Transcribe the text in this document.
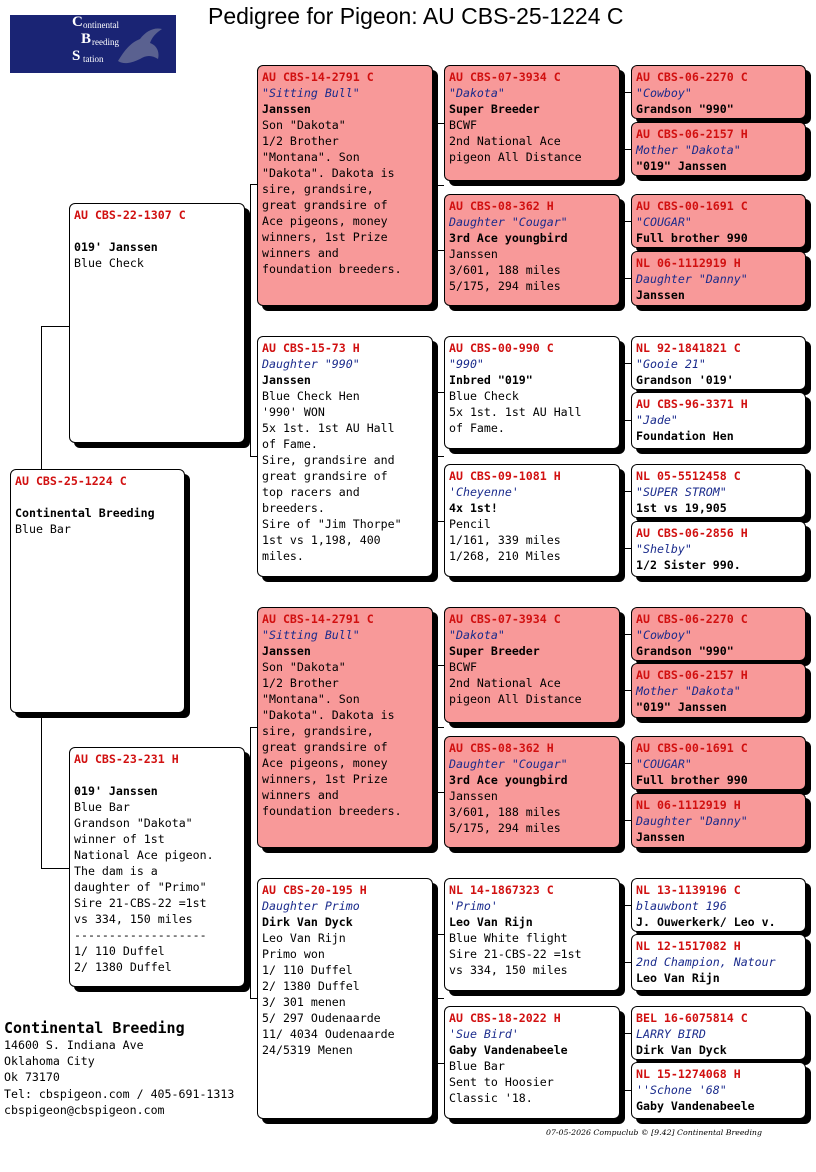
Pedigree for Pigeon: AU CBS-25-1224 C
C ontinental
B reeding
S tation
AU CBS-25-1224 C

Continental Breeding
Blue Bar
AU CBS-22-1307 C

019' Janssen
Blue Check
AU CBS-23-231 H

019' Janssen
Blue Bar
Grandson "Dakota"
winner of 1st
National Ace pigeon.
The dam is a
daughter of "Primo"
Sire 21-CBS-22 =1st
vs 334, 150 miles
-------------------
1/ 110 Duffel
2/ 1380 Duffel
AU CBS-14-2791 C
"Sitting Bull"
Janssen
Son "Dakota"
1/2 Brother
"Montana". Son
"Dakota". Dakota is
sire, grandsire,
great grandsire of
Ace pigeons, money
winners, 1st Prize
winners and
foundation breeders.
AU CBS-15-73 H
Daughter "990"
Janssen
Blue Check Hen
'990' WON
5x 1st. 1st AU Hall
of Fame.
Sire, grandsire and
great grandsire of
top racers and
breeders.
Sire of "Jim Thorpe"
1st vs 1,198, 400
miles.
AU CBS-14-2791 C
"Sitting Bull"
Janssen
Son "Dakota"
1/2 Brother
"Montana". Son
"Dakota". Dakota is
sire, grandsire,
great grandsire of
Ace pigeons, money
winners, 1st Prize
winners and
foundation breeders.
AU CBS-20-195 H
Daughter Primo
Dirk Van Dyck
Leo Van Rijn
Primo won
1/ 110 Duffel
2/ 1380 Duffel
3/ 301 menen
5/ 297 Oudenaarde
11/ 4034 Oudenaarde
24/5319 Menen
AU CBS-07-3934 C
"Dakota"
Super Breeder
BCWF
2nd National Ace
pigeon All Distance
AU CBS-08-362 H
Daughter "Cougar"
3rd Ace youngbird
Janssen
3/601, 188 miles
5/175, 294 miles
AU CBS-00-990 C
"990"
Inbred "019"
Blue Check
5x 1st. 1st AU Hall
of Fame.
AU CBS-09-1081 H
'Cheyenne'
4x 1st!
Pencil
1/161, 339 miles
1/268, 210 Miles
AU CBS-07-3934 C
"Dakota"
Super Breeder
BCWF
2nd National Ace
pigeon All Distance
AU CBS-08-362 H
Daughter "Cougar"
3rd Ace youngbird
Janssen
3/601, 188 miles
5/175, 294 miles
NL 14-1867323 C
'Primo'
Leo Van Rijn
Blue White flight
Sire 21-CBS-22 =1st
vs 334, 150 miles
AU CBS-18-2022 H
'Sue Bird'
Gaby Vandenabeele
Blue Bar
Sent to Hoosier
Classic '18.
AU CBS-06-2270 C
"Cowboy"
Grandson "990"
AU CBS-06-2157 H
Mother "Dakota"
"019" Janssen
AU CBS-00-1691 C
"COUGAR"
Full brother 990
NL 06-1112919 H
Daughter "Danny"
Janssen
NL 92-1841821 C
"Gooie 21"
Grandson '019'
AU CBS-96-3371 H
"Jade"
Foundation Hen
NL 05-5512458 C
"SUPER STROM"
1st vs 19,905
AU CBS-06-2856 H
"Shelby"
1/2 Sister 990.
AU CBS-06-2270 C
"Cowboy"
Grandson "990"
AU CBS-06-2157 H
Mother "Dakota"
"019" Janssen
AU CBS-00-1691 C
"COUGAR"
Full brother 990
NL 06-1112919 H
Daughter "Danny"
Janssen
NL 13-1139196 C
blauwbont 196
J. Ouwerkerk/ Leo v.
NL 12-1517082 H
2nd Champion, Natour
Leo Van Rijn
BEL 16-6075814 C
LARRY BIRD
Dirk Van Dyck
NL 15-1274068 H
''Schone '68"
Gaby Vandenabeele
Continental Breeding
14600 S. Indiana Ave
Oklahoma City
Ok 73170
Tel: cbspigeon.com / 405-691-1313
cbspigeon@cbspigeon.com
07-05-2026 Compuclub © [9.42] Continental Breeding
